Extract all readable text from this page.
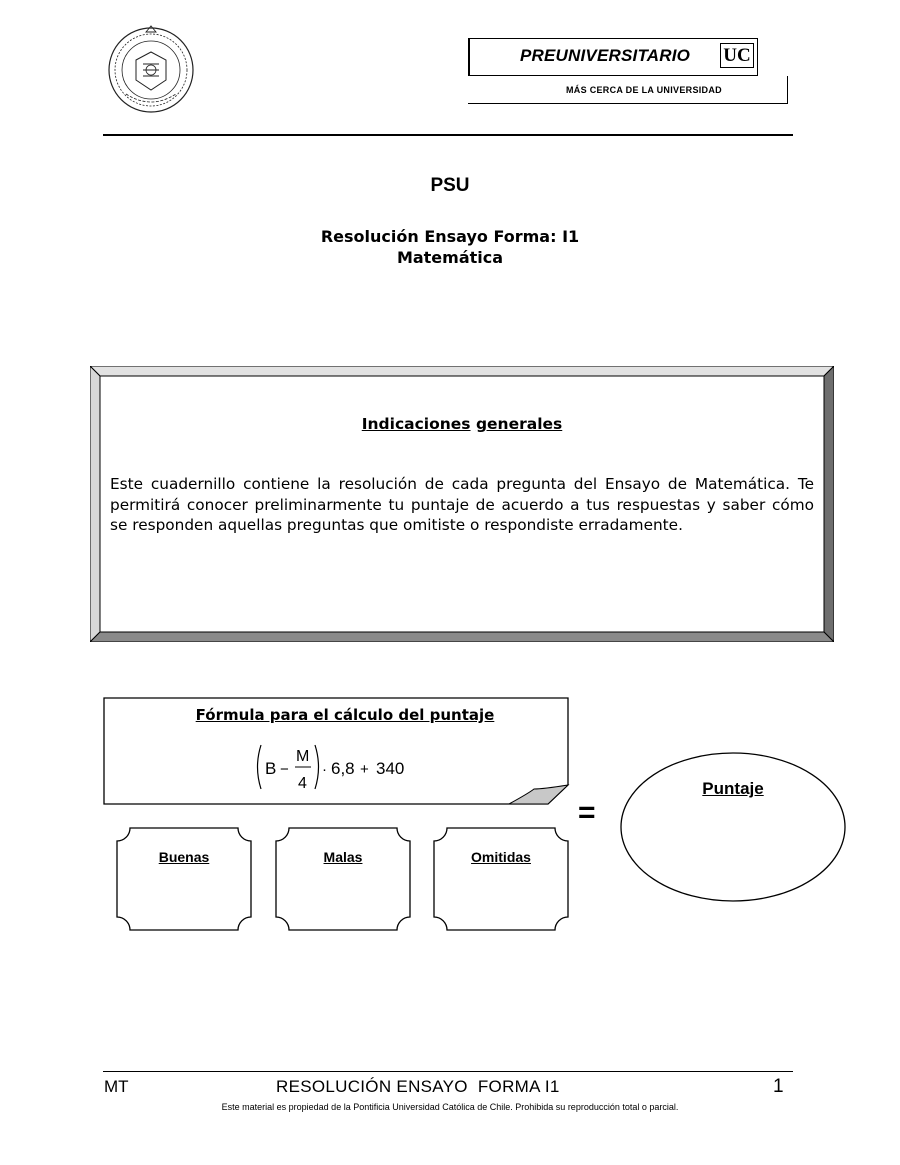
PREUNIVERSITARIO UC
MÁS CERCA DE LA UNIVERSIDAD
PSU
Resolución Ensayo Forma: I1
Matemática
Indicaciones generales
Este cuadernillo contiene la resolución de cada pregunta del Ensayo de Matemática. Te permitirá conocer preliminarmente tu puntaje de acuerdo a tus respuestas y saber cómo se responden aquellas preguntas que omitiste o respondiste erradamente.
Fórmula para el cálculo del puntaje
B −
M
4
· 6,8 + 340
Buenas	Malas	Omitidas
=
Puntaje
MT	RESOLUCIÓN ENSAYO  FORMA I1	1
Este material es propiedad de la Pontificia Universidad Católica de Chile. Prohibida su reproducción total o parcial.
